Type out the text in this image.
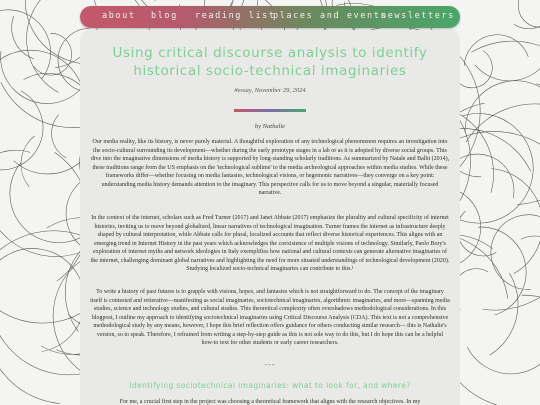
about blog reading list
places and events
newsletters
Using critical discourse analysis to identify historical socio-technical imaginaries
#essay, November 29, 2024
by Nathalie

Our media reality, like its history, is never purely material. A thoughtful exploration of any technological phenomenon requires an investigation into the socio-cultural surrounding its development—whether during the early prototype stages in a lab or as it is adopted by diverse social groups. This dive into the imaginative dimensions of media history is supported by long-standing scholarly traditions. As summarized by Natale and Balbi (2014), these traditions range from the US emphasis on the 'technological sublime' to the media archeological approaches within media studies. While these frameworks differ—whether focusing on media fantasies, technological visions, or hegemonic narratives—they converge on a key point: understanding media history demands attention to the imaginary. This perspective calls for us to move beyond a singular, materially focused narrative.

In the context of the internet, scholars such as Fred Turner (2017) and Janet Abbate (2017) emphasize the plurality and cultural specificity of internet histories, inviting us to move beyond globalized, linear narratives of technological imagination. Turner frames the internet as infrastructure deeply shaped by cultural interpretation, while Abbate calls for plural, localized accounts that reflect diverse historical experiences. This aligns with an emerging trend in Internet History in the past years which acknowledges the coexistence of multiple visions of technology. Similarly, Paolo Bory's exploration of internet myths and network ideologies in Italy exemplifies how national and cultural contexts can generate alternative imaginaries of the internet, challenging dominant global narratives and highlighting the need for more situated understandings of technological development (2020). Studying localized socio-technical imaginaries can contribute to this.¹

To write a history of past futures is to grapple with visions, hopes, and fantasies which is not straightforward to do. The concept of the imaginary itself is contested and reiterative—manifesting as social imaginaries, sociotechnical imaginaries, algorithmic imaginaries, and more—spanning media studies, science and technology studies, and cultural studies. This theoretical complexity often overshadows methodological considerations. In this blogpost, I outline my approach to identifying sociotechnical imaginaries using Critical Discourse Analysis (CDA). This text is not a comprehensive methodological study by any means, however, I hope this brief reflection offers guidance for others conducting similar research— this is Nathalie's version, so to speak. Therefore, I refrained from writing a step-by-step guide as this is not sole way to do this, but I do hope this can be a helpful how-to text for other students or early career researchers.

---
Identifying sociotechnical imaginaries: what to look for, and where?

For me, a crucial first step in the project was choosing a theoretical framework that aligns with the research objectives. In my
